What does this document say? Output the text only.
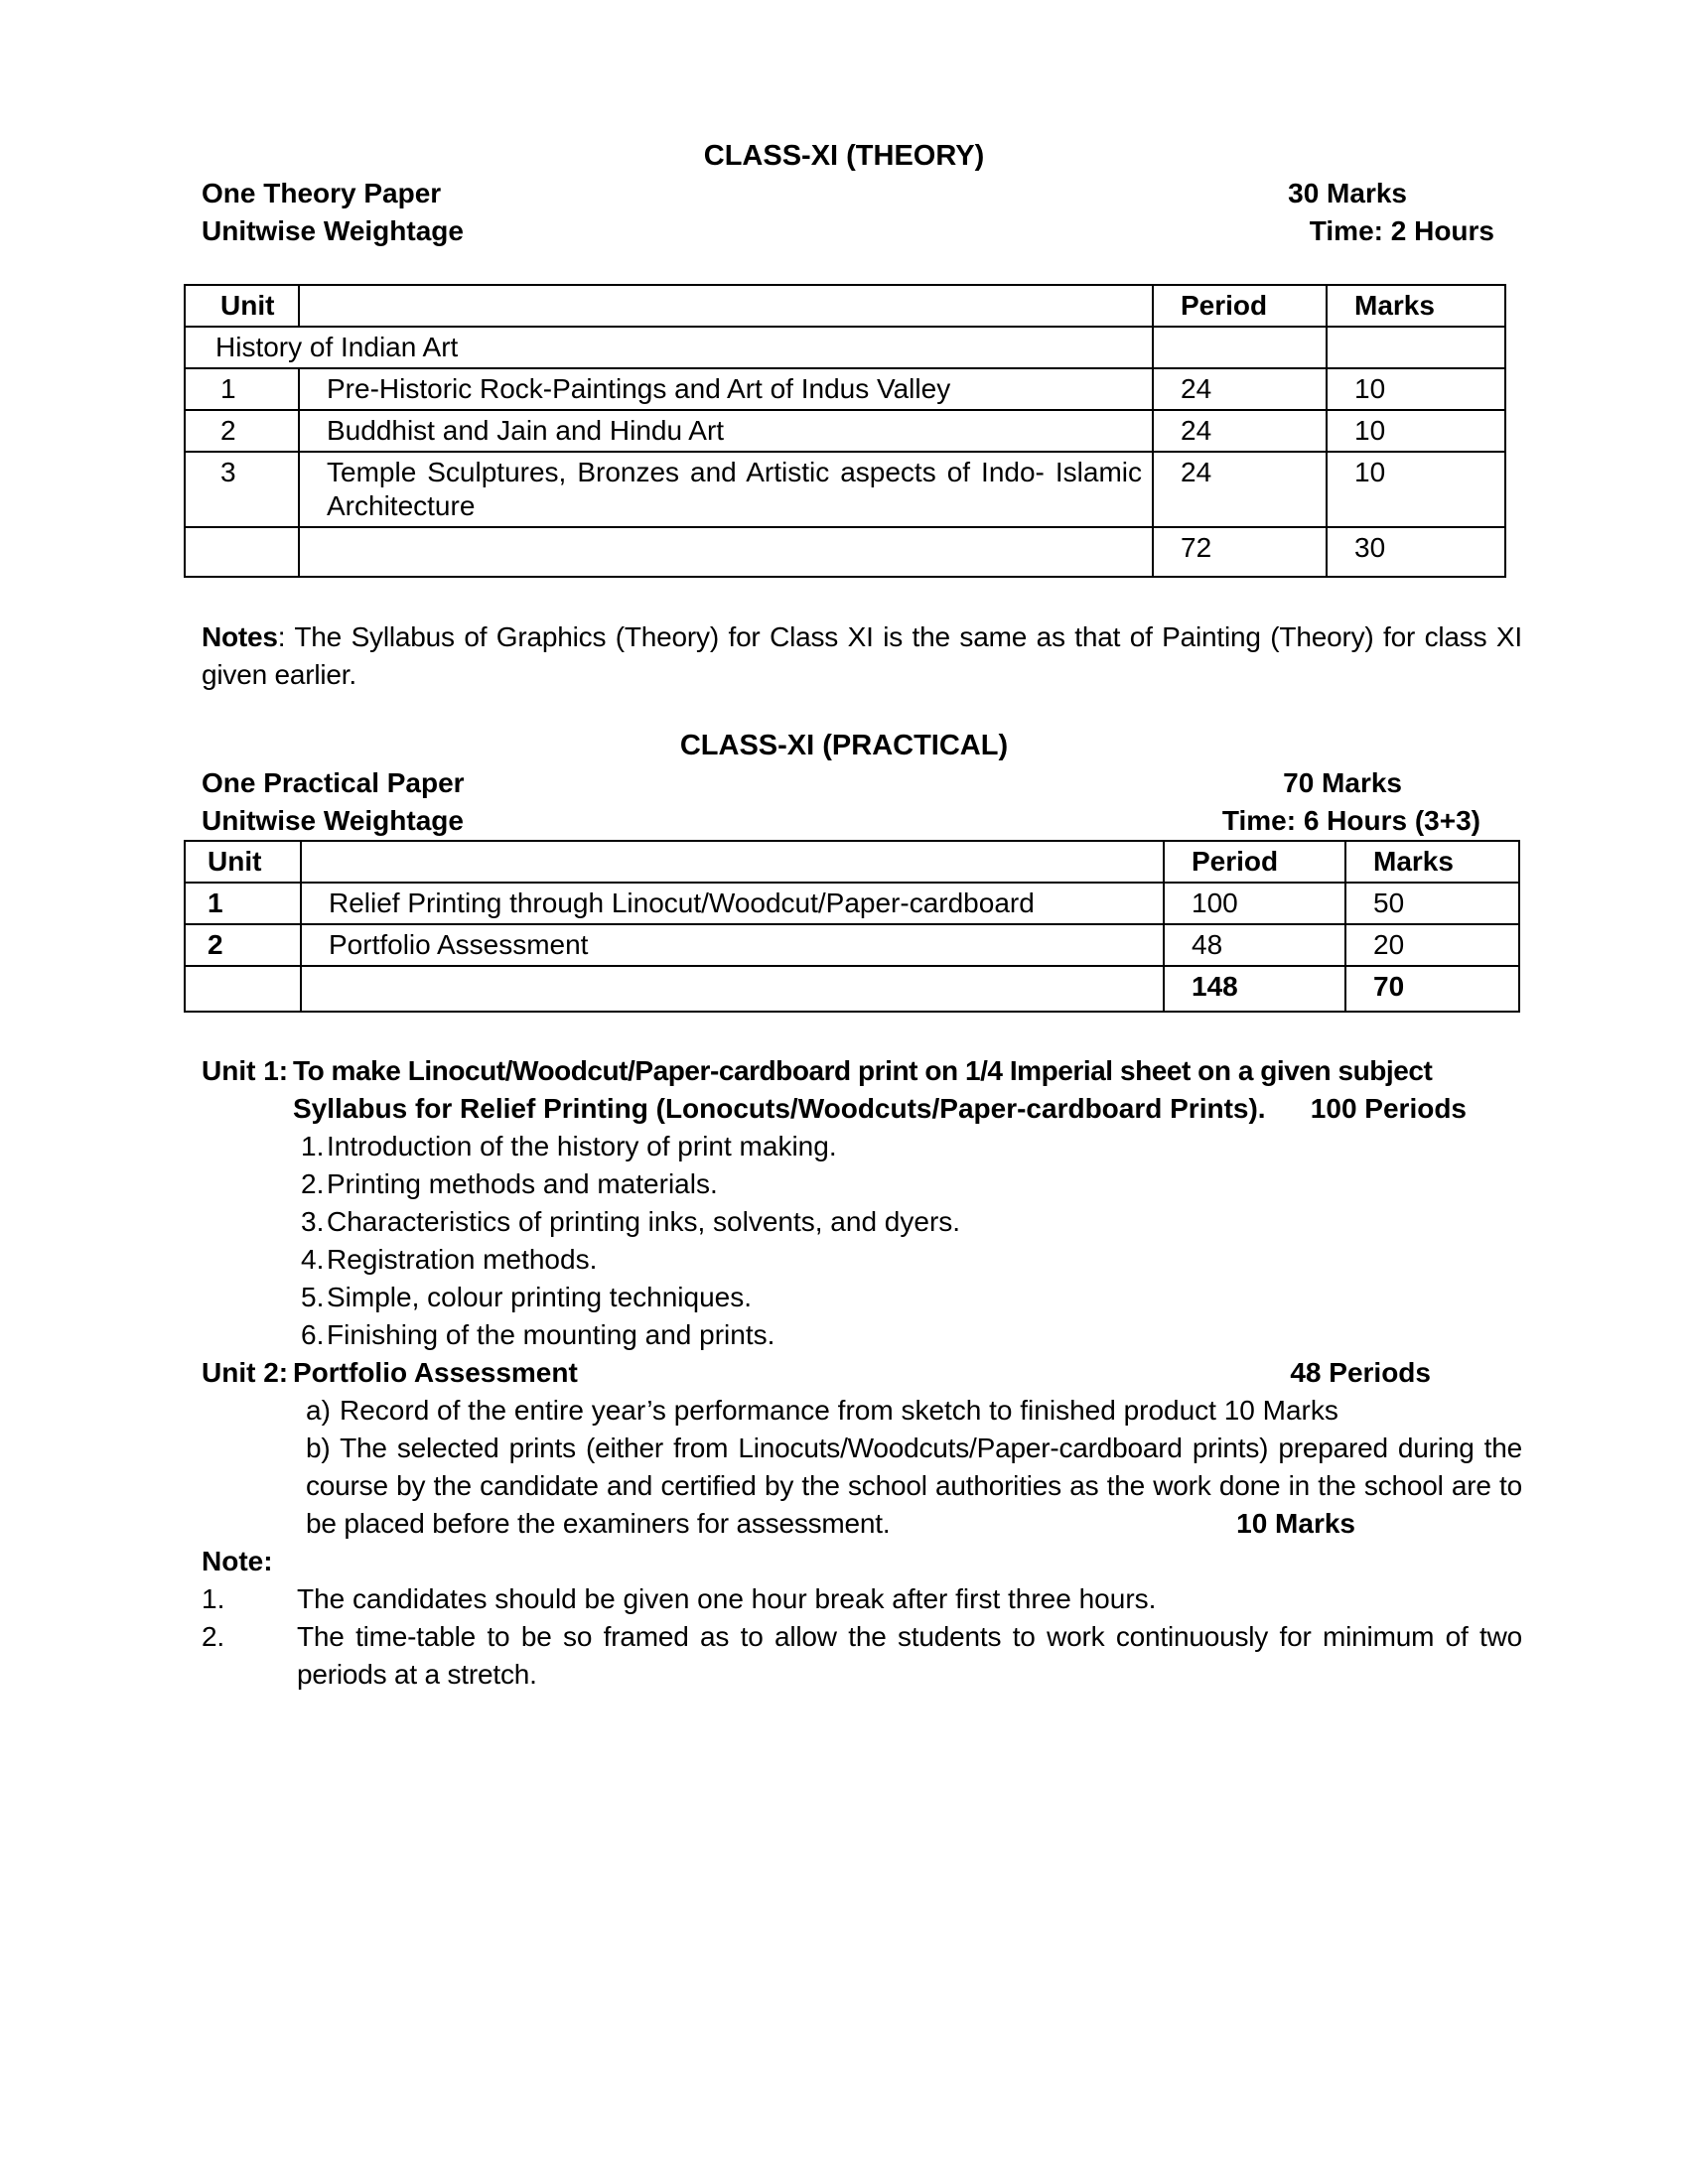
CLASS-XI (THEORY)
One Theory Paper	30 Marks
Unitwise Weightage	Time: 2 Hours
Unit		Period	Marks
History of Indian Art			
1	Pre-Historic Rock-Paintings and Art of Indus Valley	24	10
2	Buddhist and Jain and Hindu Art	24	10
3	Temple Sculptures, Bronzes and Artistic aspects of Indo- Islamic Architecture	24	10
		72	30
Notes: The Syllabus of Graphics (Theory) for Class XI is the same as that of Painting (Theory) for class XI given earlier.
CLASS-XI (PRACTICAL)
One Practical Paper	70 Marks
Unitwise Weightage	Time: 6 Hours (3+3)
Unit		Period	Marks
1	Relief Printing through Linocut/Woodcut/Paper-cardboard	100	50
2	Portfolio Assessment	48	20
		148	70
Unit 1: To make Linocut/Woodcut/Paper-cardboard print on 1/4 Imperial sheet on a given subject
Syllabus for Relief Printing (Lonocuts/Woodcuts/Paper-cardboard Prints). 100 Periods
1.Introduction of the history of print making.
2.Printing methods and materials.
3.Characteristics of printing inks, solvents, and dyers.
4.Registration methods.
5.Simple, colour printing techniques.
6.Finishing of the mounting and prints.
Unit 2: Portfolio Assessment	48 Periods
a) Record of the entire year’s performance from sketch to finished product 10 Marks
b) The selected prints (either from Linocuts/Woodcuts/Paper-cardboard prints) prepared during the course by the candidate and certified by the school authorities as the work done in the school are to be placed before the examiners for assessment.	10 Marks
Note:
1.	The candidates should be given one hour break after first three hours.
2.	The time-table to be so framed as to allow the students to work continuously for minimum of two periods at a stretch.
